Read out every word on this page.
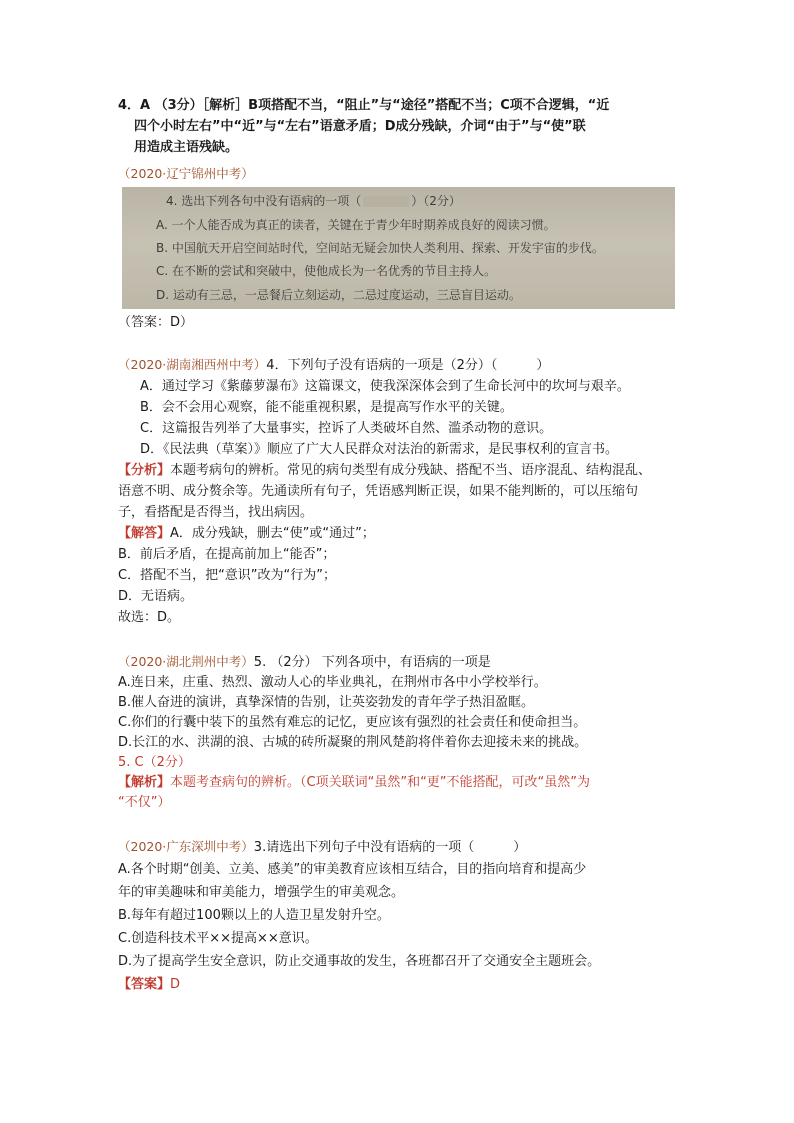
4．A （3分）［解析］B项搭配不当，“阻止”与“途径”搭配不当；C项不合逻辑，“近
四个小时左右”中“近”与“左右”语意矛盾；D成分残缺，介词“由于”与“使”联
用造成主语残缺。
（2020·辽宁锦州中考）
4. 选出下列各句中没有语病的一项（	）（2分）
A. 一个人能否成为真正的读者，关键在于青少年时期养成良好的阅读习惯。
B. 中国航天开启空间站时代，空间站无疑会加快人类利用、探索、开发宇宙的步伐。
C. 在不断的尝试和突破中，使他成长为一名优秀的节目主持人。
D. 运动有三忌，一忌餐后立刻运动，二忌过度运动，三忌盲目运动。
（答案：D）
（2020·湖南湘西州中考）4．下列句子没有语病的一项是（2分）（　　　）
A．通过学习《紫藤萝瀑布》这篇课文，使我深深体会到了生命长河中的坎坷与艰辛。
B．会不会用心观察，能不能重视积累，是提高写作水平的关键。
C．这篇报告列举了大量事实，控诉了人类破坏自然、滥杀动物的意识。
D．《民法典（草案）》顺应了广大人民群众对法治的新需求，是民事权利的宣言书。
【分析】本题考病句的辨析。常见的病句类型有成分残缺、搭配不当、语序混乱、结构混乱、
语意不明、成分赘余等。先通读所有句子，凭语感判断正误，如果不能判断的，可以压缩句
子，看搭配是否得当，找出病因。
【解答】A．成分残缺，删去“使”或“通过”；
B．前后矛盾，在提高前加上“能否”；
C．搭配不当，把“意识”改为“行为”；
D．无语病。
故选：D。
（2020·湖北荆州中考）5. （2分） 下列各项中，有语病的一项是
A.连日来，庄重、热烈、激动人心的毕业典礼，在荆州市各中小学校举行。
B.催人奋进的演讲，真挚深情的告别，让英姿勃发的青年学子热泪盈眶。
C.你们的行囊中装下的虽然有难忘的记忆，更应该有强烈的社会责任和使命担当。
D.长江的水、洪湖的浪、古城的砖所凝聚的荆风楚韵将伴着你去迎接未来的挑战。
5. C（2分）
【解析】本题考查病句的辨析。（C项关联词“虽然”和“更”不能搭配，可改“虽然”为
“不仅”）
（2020·广东深圳中考）3.请选出下列句子中没有语病的一项（　　　）
A.各个时期“创美、立美、感美”的审美教育应该相互结合，目的指向培育和提高少
年的审美趣味和审美能力，增强学生的审美观念。
B.每年有超过100颗以上的人造卫星发射升空。
C.创造科技术平××提高××意识。
D.为了提高学生安全意识，防止交通事故的发生，各班都召开了交通安全主题班会。
【答案】D
